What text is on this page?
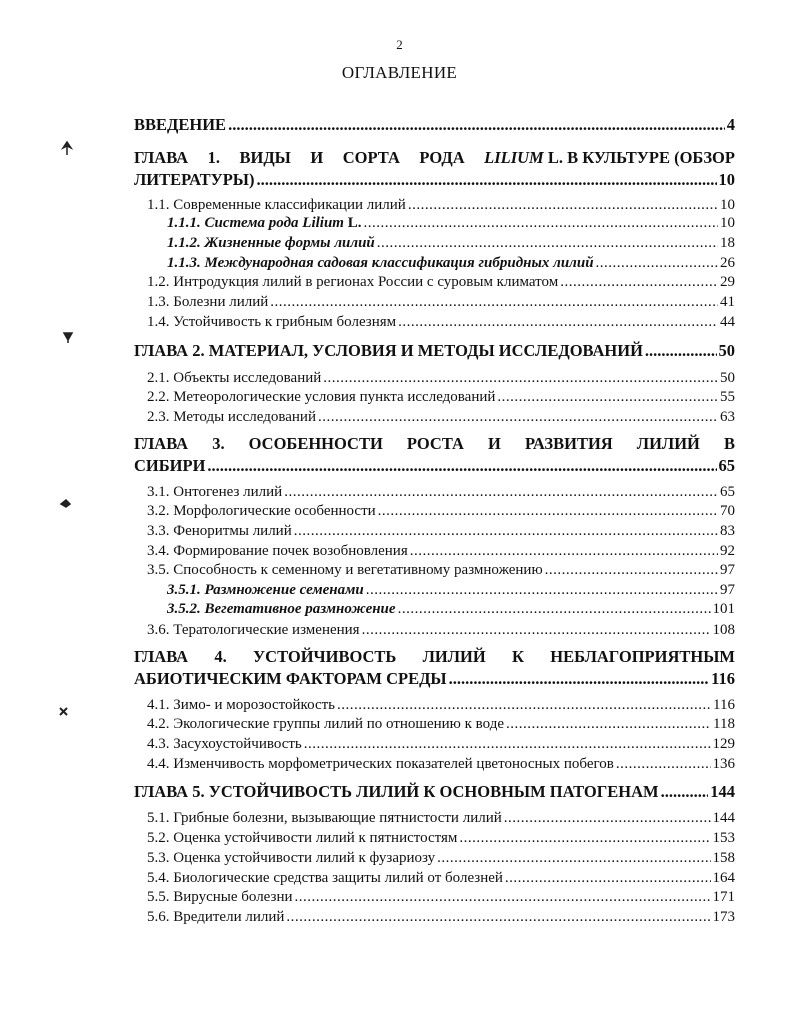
2
ОГЛАВЛЕНИЕ
ВВЕДЕНИЕ .....	4
ГЛАВА 1. ВИДЫ И СОРТА РОДА LILIUM L. В КУЛЬТУРЕ (ОБЗОР
ЛИТЕРАТУРЫ) .....	10
1.1. Современные классификации лилий .....	10
1.1.1. Система рода Lilium L. .....	10
1.1.2. Жизненные формы лилий .....	18
1.1.3. Международная садовая классификация гибридных лилий .....	26
1.2. Интродукция лилий в регионах России с суровым климатом .....	29
1.3. Болезни лилий .....	41
1.4. Устойчивость к грибным болезням .....	44
ГЛАВА 2. МАТЕРИАЛ, УСЛОВИЯ И МЕТОДЫ ИССЛЕДОВАНИЙ .....	50
2.1. Объекты исследований .....	50
2.2. Метеорологические условия пункта исследований .....	55
2.3. Методы исследований .....	63
ГЛАВА 3. ОСОБЕННОСТИ РОСТА И РАЗВИТИЯ ЛИЛИЙ В
СИБИРИ .....	65
3.1. Онтогенез лилий .....	65
3.2. Морфологические особенности .....	70
3.3. Феноритмы лилий .....	83
3.4. Формирование почек возобновления .....	92
3.5. Способность к семенному и вегетативному размножению .....	97
3.5.1. Размножение семенами .....	97
3.5.2. Вегетативное размножение .....	101
3.6. Тератологические изменения .....	108
ГЛАВА 4. УСТОЙЧИВОСТЬ ЛИЛИЙ К НЕБЛАГОПРИЯТНЫМ
АБИОТИЧЕСКИМ ФАКТОРАМ СРЕДЫ .....	116
4.1. Зимо- и морозостойкость .....	116
4.2. Экологические группы лилий по отношению к воде .....	118
4.3. Засухоустойчивость .....	129
4.4. Изменчивость морфометрических показателей цветоносных побегов .....	136
ГЛАВА 5. УСТОЙЧИВОСТЬ ЛИЛИЙ К ОСНОВНЫМ ПАТОГЕНАМ .....	144
5.1. Грибные болезни, вызывающие пятнистости лилий .....	144
5.2. Оценка устойчивости лилий к пятнистостям .....	153
5.3. Оценка устойчивости лилий к фузариозу .....	158
5.4. Биологические средства защиты лилий от болезней .....	164
5.5. Вирусные болезни .....	171
5.6. Вредители лилий .....	173
